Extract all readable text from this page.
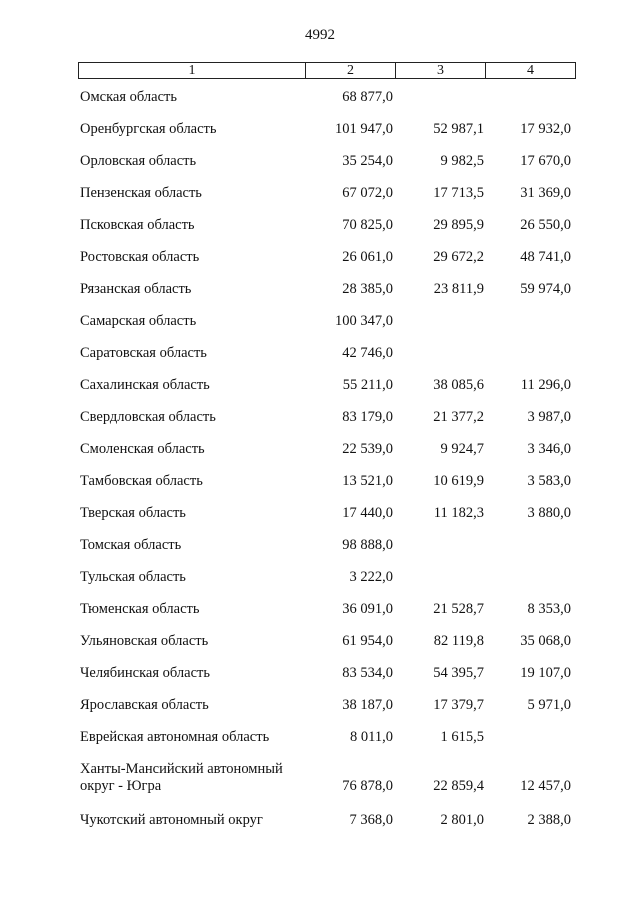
4992
1	2	3	4
Омская область	68 877,0
Оренбургская область	101 947,0	52 987,1	17 932,0
Орловская область	35 254,0	9 982,5	17 670,0
Пензенская область	67 072,0	17 713,5	31 369,0
Псковская область	70 825,0	29 895,9	26 550,0
Ростовская область	26 061,0	29 672,2	48 741,0
Рязанская область	28 385,0	23 811,9	59 974,0
Самарская область	100 347,0
Саратовская область	42 746,0
Сахалинская область	55 211,0	38 085,6	11 296,0
Свердловская область	83 179,0	21 377,2	3 987,0
Смоленская область	22 539,0	9 924,7	3 346,0
Тамбовская область	13 521,0	10 619,9	3 583,0
Тверская область	17 440,0	11 182,3	3 880,0
Томская область	98 888,0
Тульская область	3 222,0
Тюменская область	36 091,0	21 528,7	8 353,0
Ульяновская область	61 954,0	82 119,8	35 068,0
Челябинская область	83 534,0	54 395,7	19 107,0
Ярославская область	38 187,0	17 379,7	5 971,0
Еврейская автономная область	8 011,0	1 615,5
Ханты-Мансийский автономный округ - Югра	76 878,0	22 859,4	12 457,0
Чукотский автономный округ	7 368,0	2 801,0	2 388,0
